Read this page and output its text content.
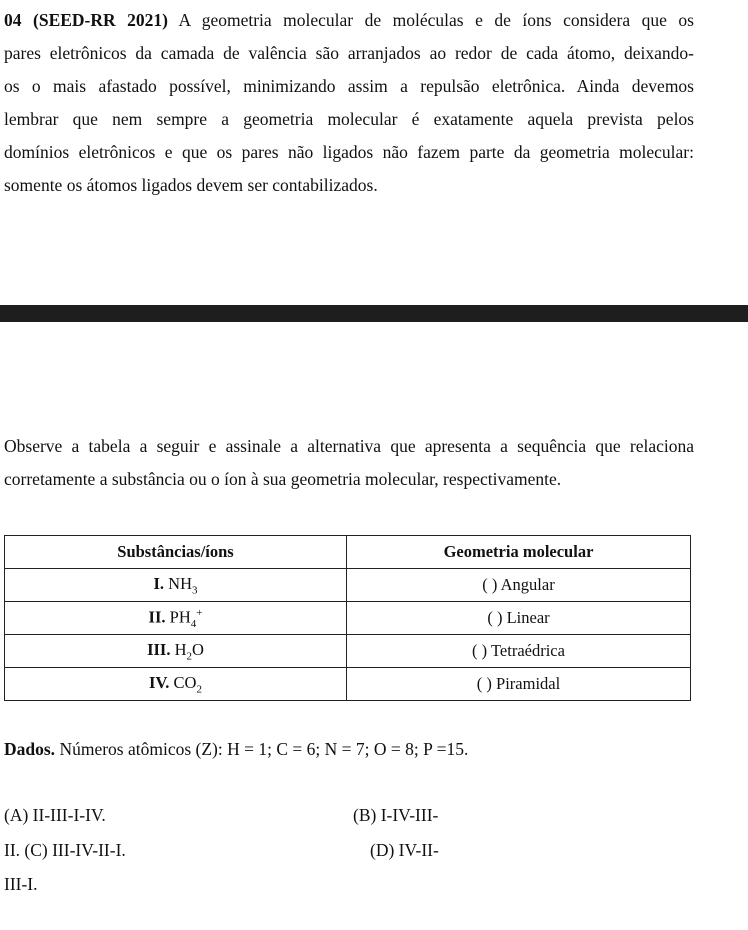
04 (SEED-RR 2021) A geometria molecular de moléculas e de íons considera que os
pares eletrônicos da camada de valência são arranjados ao redor de cada átomo, deixando-
os o mais afastado possível, minimizando assim a repulsão eletrônica. Ainda devemos
lembrar que nem sempre a geometria molecular é exatamente aquela prevista pelos
domínios eletrônicos e que os pares não ligados não fazem parte da geometria molecular:
somente os átomos ligados devem ser contabilizados.
Observe a tabela a seguir e assinale a alternativa que apresenta a sequência que relaciona
corretamente a substância ou o íon à sua geometria molecular, respectivamente.
Substâncias/íons	Geometria molecular
I. $NH_3$	( ) Angular
II. $PH_4^+$	( ) Linear
III. $H_2O$	( ) Tetraédrica
IV. $CO_2$	( ) Piramidal
Dados. Números atômicos (Z): H = 1; C = 6; N = 7; O = 8; P =15.
(A) II-III-I-IV.	(B) I-IV-III-
II. (C) III-IV-II-I.	(D) IV-II-
III-I.
